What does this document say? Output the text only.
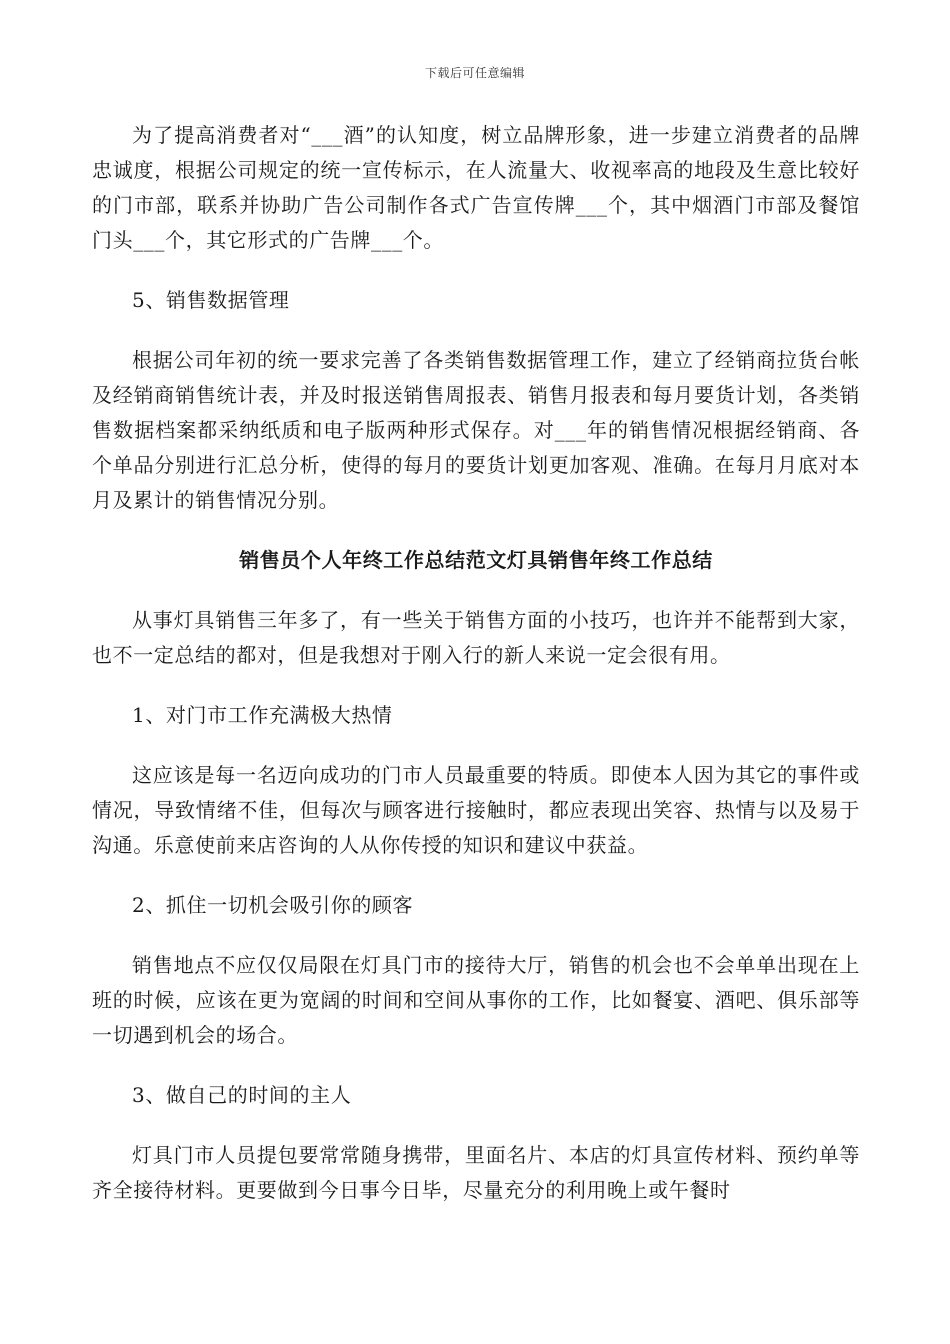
下载后可任意编辑

为了提高消费者对“___酒”的认知度，树立品牌形象，进一步建立消费者的品牌忠诚度，根据公司规定的统一宣传标示，在人流量大、收视率高的地段及生意比较好的门市部，联系并协助广告公司制作各式广告宣传牌___个，其中烟酒门市部及餐馆门头___个，其它形式的广告牌___个。

5、销售数据管理

根据公司年初的统一要求完善了各类销售数据管理工作，建立了经销商拉货台帐及经销商销售统计表，并及时报送销售周报表、销售月报表和每月要货计划，各类销售数据档案都采纳纸质和电子版两种形式保存。对___年的销售情况根据经销商、各个单品分别进行汇总分析，使得的每月的要货计划更加客观、准确。在每月月底对本月及累计的销售情况分别。

销售员个人年终工作总结范文灯具销售年终工作总结

从事灯具销售三年多了，有一些关于销售方面的小技巧，也许并不能帮到大家，也不一定总结的都对，但是我想对于刚入行的新人来说一定会很有用。

1、对门市工作充满极大热情

这应该是每一名迈向成功的门市人员最重要的特质。即使本人因为其它的事件或情况，导致情绪不佳，但每次与顾客进行接触时，都应表现出笑容、热情与以及易于沟通。乐意使前来店咨询的人从你传授的知识和建议中获益。

2、抓住一切机会吸引你的顾客

销售地点不应仅仅局限在灯具门市的接待大厅，销售的机会也不会单单出现在上班的时候，应该在更为宽阔的时间和空间从事你的工作，比如餐宴、酒吧、俱乐部等一切遇到机会的场合。

3、做自己的时间的主人

灯具门市人员提包要常常随身携带，里面名片、本店的灯具宣传材料、预约单等齐全接待材料。更要做到今日事今日毕，尽量充分的利用晚上或午餐时
